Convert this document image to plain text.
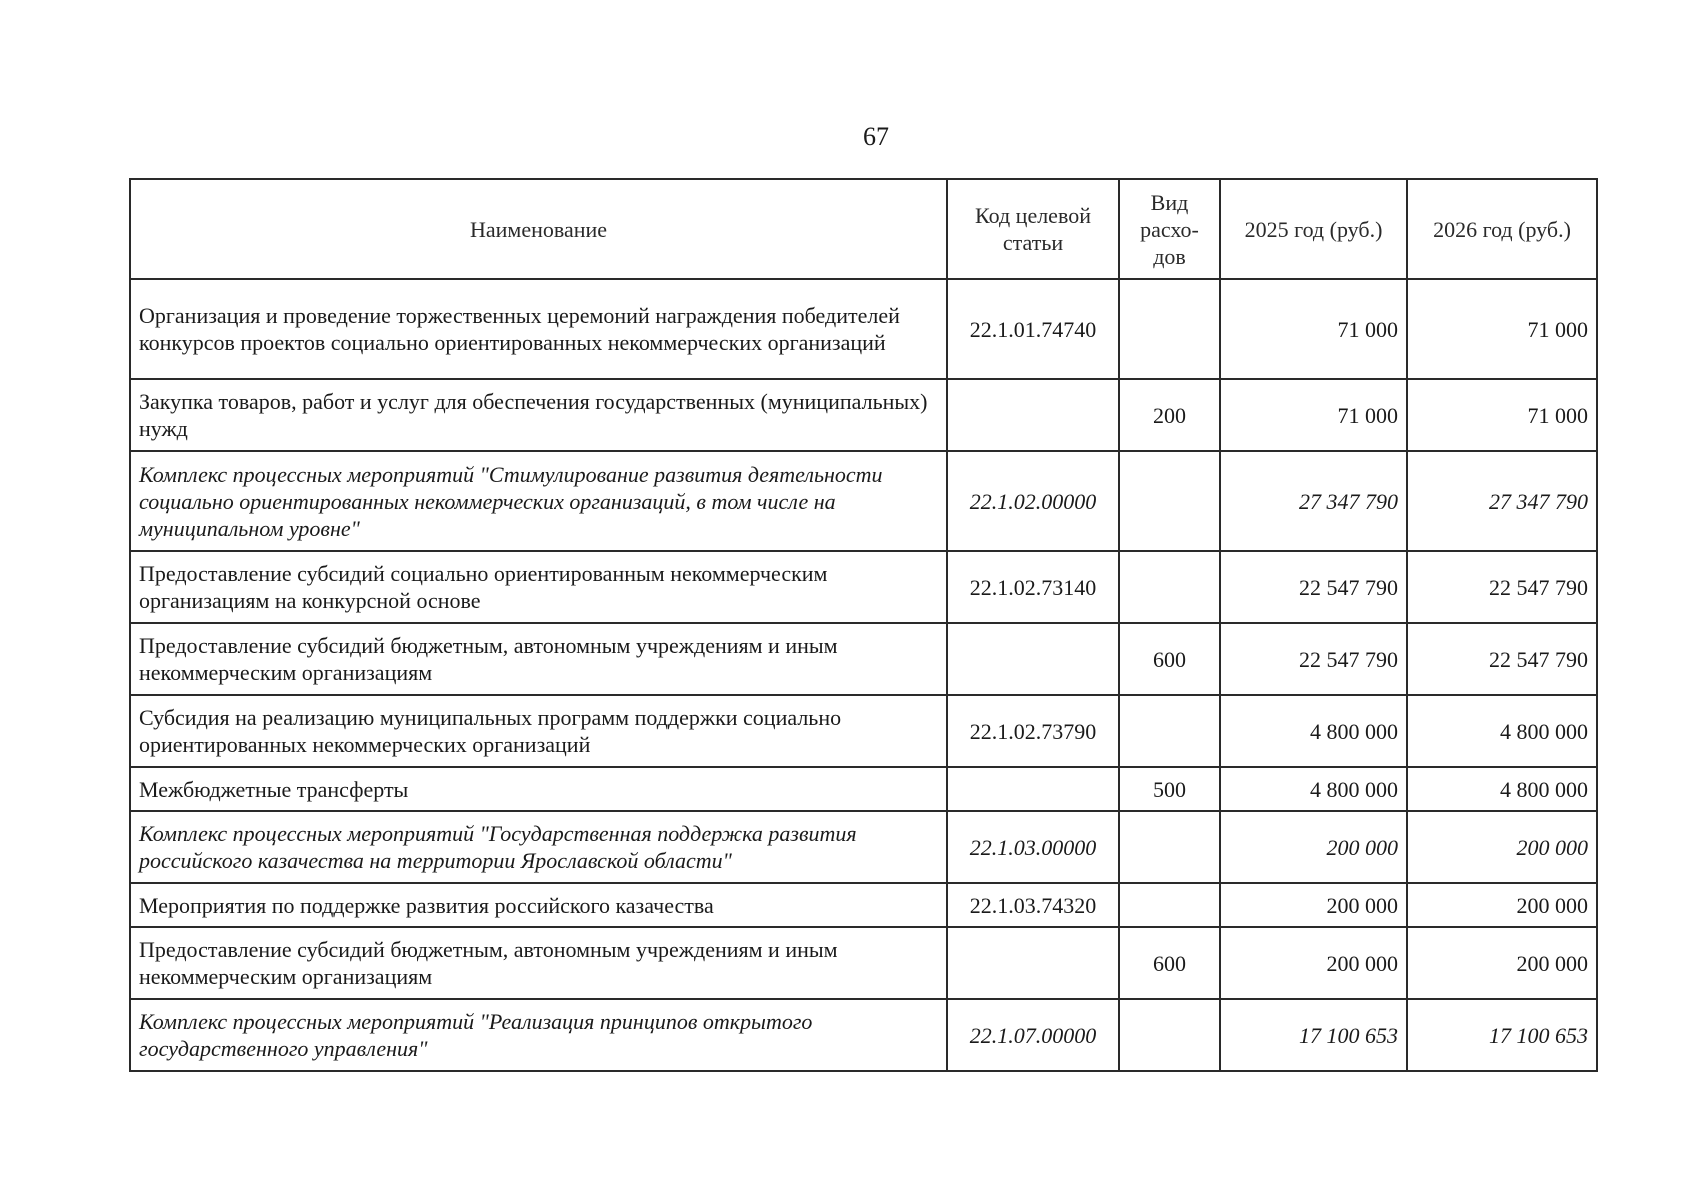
67
Наименование	Код целевой статьи	Вид расхо-дов	2025 год (руб.)	2026 год (руб.)
Организация и проведение торжественных церемоний награждения победителей конкурсов проектов социально ориентированных некоммерческих организаций	22.1.01.74740		71 000	71 000
Закупка товаров, работ и услуг для обеспечения государственных (муниципальных) нужд		200	71 000	71 000
Комплекс процессных мероприятий "Стимулирование развития деятельности социально ориентированных некоммерческих организаций, в том числе на муниципальном уровне"	22.1.02.00000		27 347 790	27 347 790
Предоставление субсидий социально ориентированным некоммерческим организациям на конкурсной основе	22.1.02.73140		22 547 790	22 547 790
Предоставление субсидий бюджетным, автономным учреждениям и иным некоммерческим организациям		600	22 547 790	22 547 790
Субсидия на реализацию муниципальных программ поддержки социально ориентированных некоммерческих организаций	22.1.02.73790		4 800 000	4 800 000
Межбюджетные трансферты		500	4 800 000	4 800 000
Комплекс процессных мероприятий "Государственная поддержка развития российского казачества на территории Ярославской области"	22.1.03.00000		200 000	200 000
Мероприятия по поддержке развития российского казачества	22.1.03.74320		200 000	200 000
Предоставление субсидий бюджетным, автономным учреждениям и иным некоммерческим организациям		600	200 000	200 000
Комплекс процессных мероприятий "Реализация принципов открытого государственного управления"	22.1.07.00000		17 100 653	17 100 653
